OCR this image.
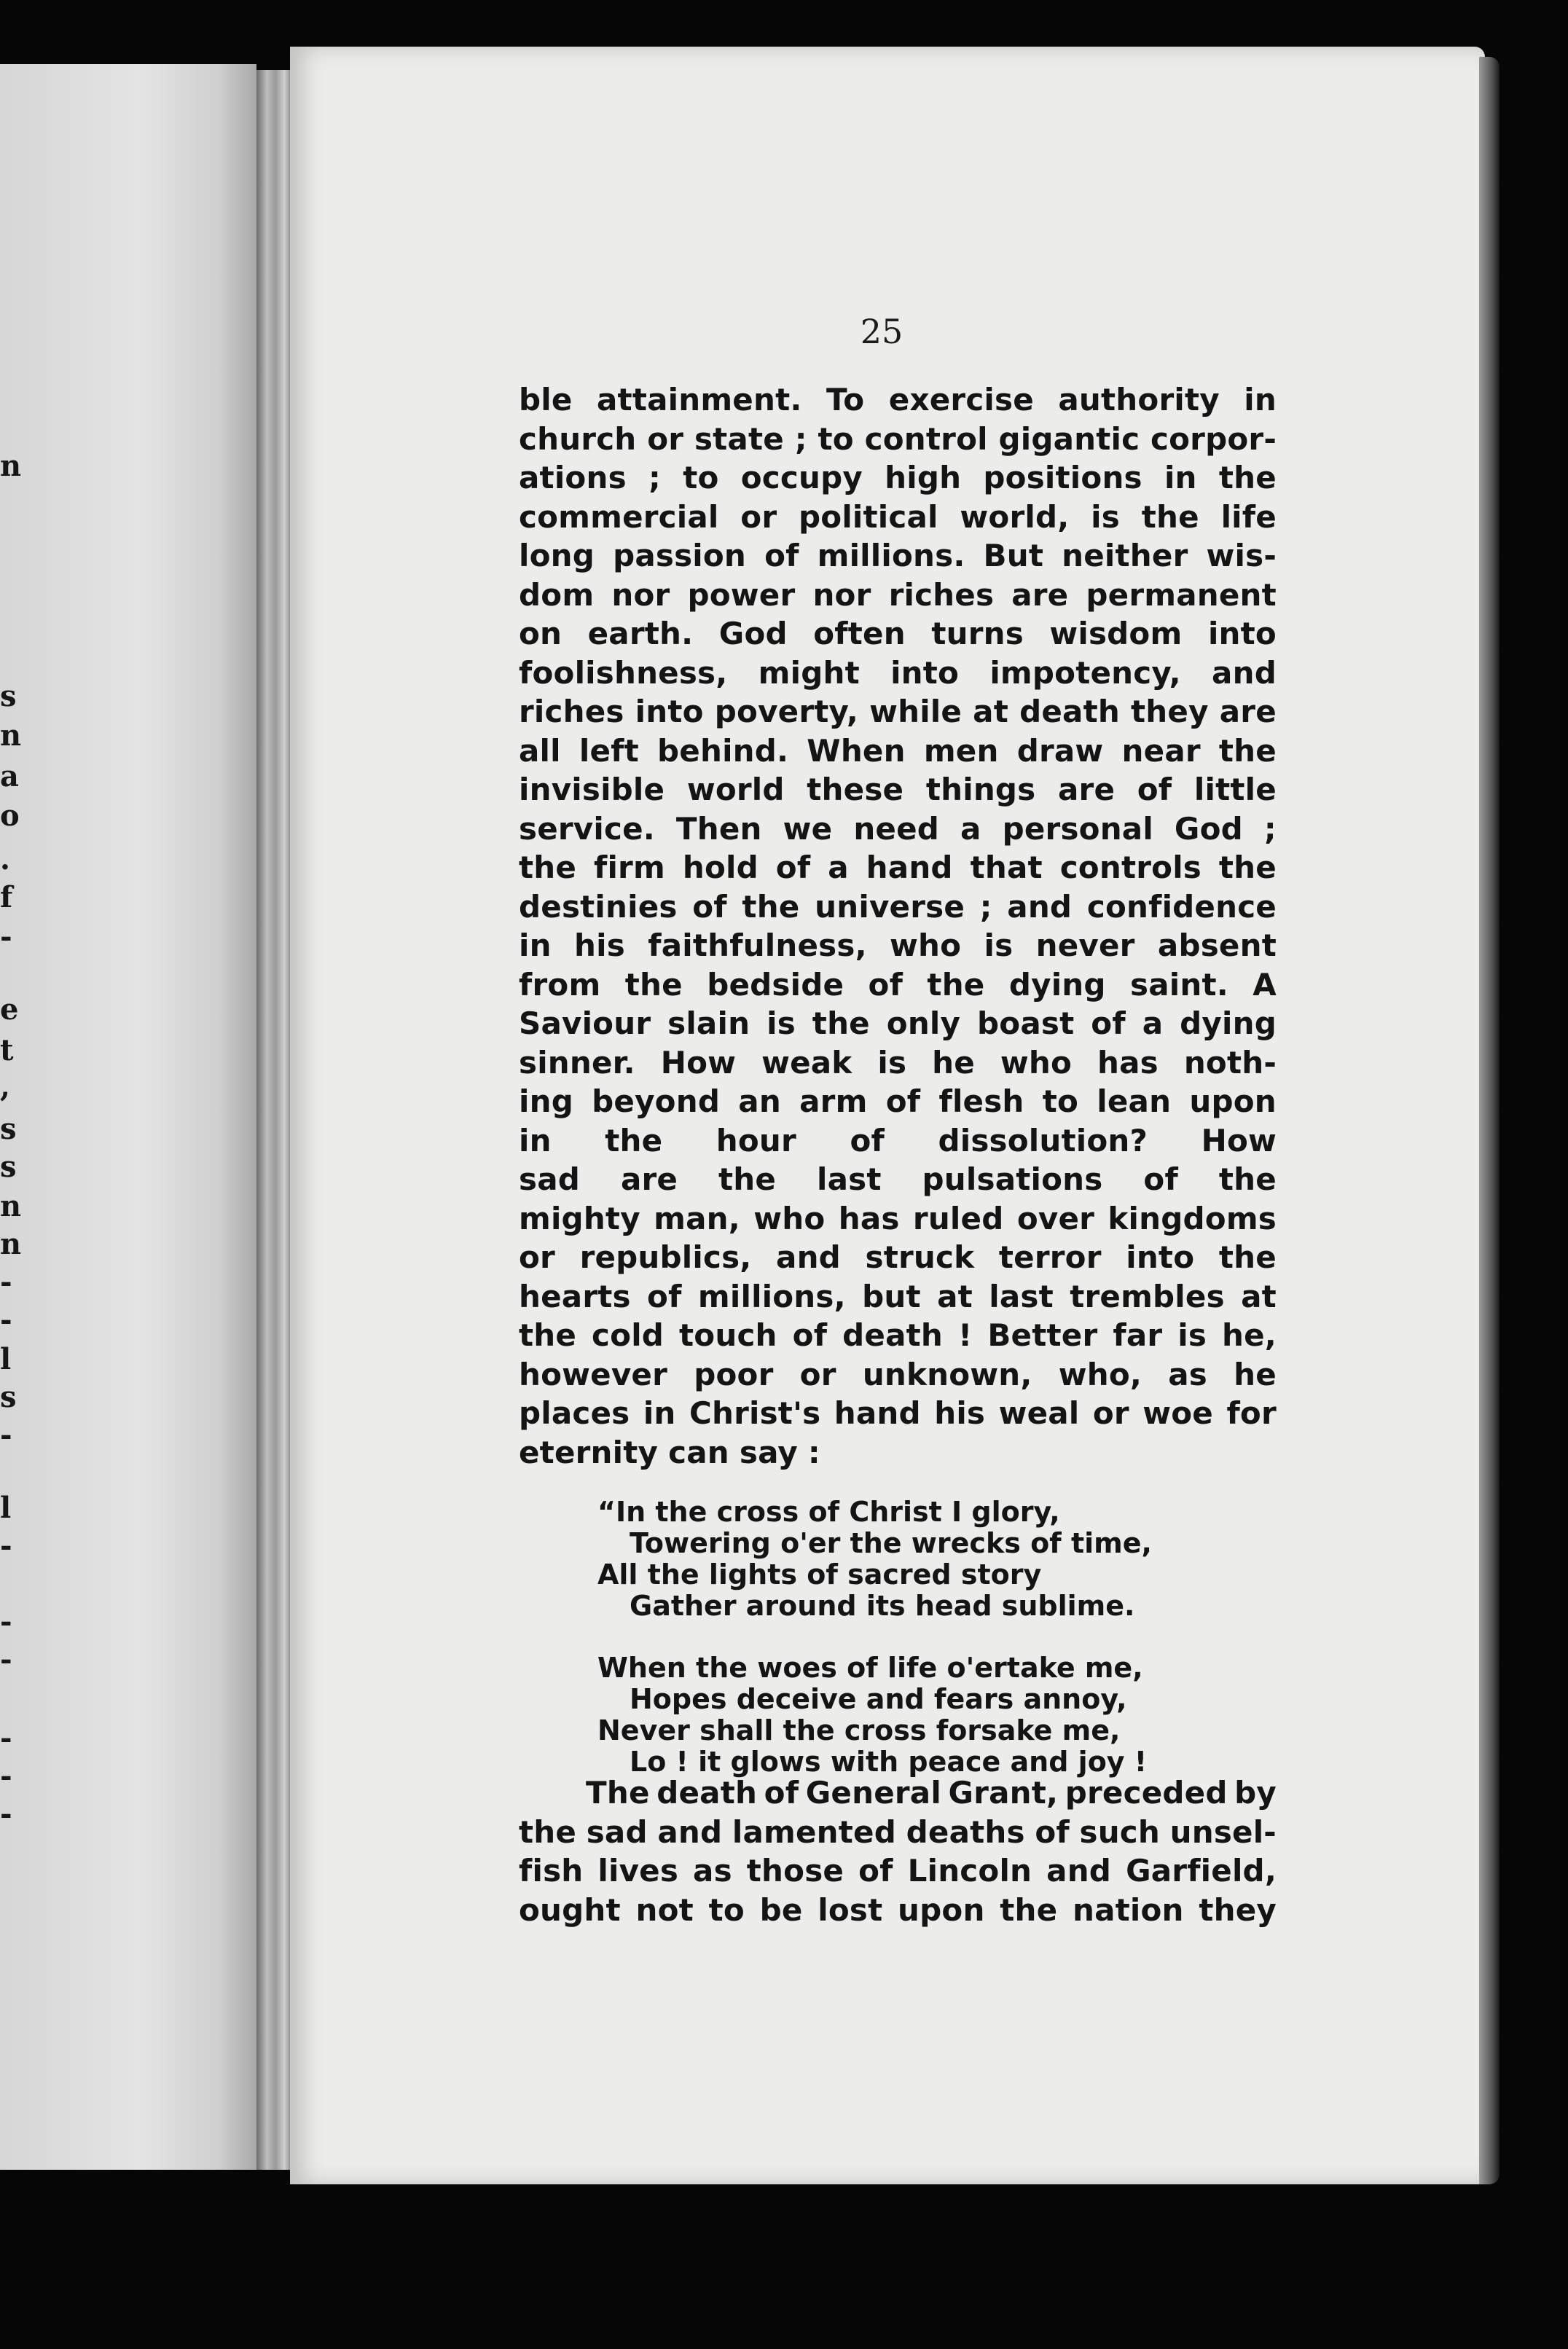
n
s
n
a
o
.
f
-
e
t
,
s
s
n
n
-
-
l
s
-
l
-
-
-
-
-
-
25
ble attainment. To exercise authority in
church or state ; to control gigantic corpor-
ations ; to occupy high positions in the
commercial or political world, is the life
long passion of millions. But neither wis-
dom nor power nor riches are permanent
on earth. God often turns wisdom into
foolishness, might into impotency, and
riches into poverty, while at death they are
all left behind. When men draw near the
invisible world these things are of little
service. Then we need a personal God ;
the firm hold of a hand that controls the
destinies of the universe ; and confidence
in his faithfulness, who is never absent
from the bedside of the dying saint. A
Saviour slain is the only boast of a dying
sinner. How weak is he who has noth-
ing beyond an arm of flesh to lean upon
in the hour of dissolution? How
sad are the last pulsations of the
mighty man, who has ruled over kingdoms
or republics, and struck terror into the
hearts of millions, but at last trembles at
the cold touch of death ! Better far is he,
however poor or unknown, who, as he
places in Christ's hand his weal or woe for
eternity can say :
“In the cross of Christ I glory,
Towering o'er the wrecks of time,
All the lights of sacred story
Gather around its head sublime.
When the woes of life o'ertake me,
Hopes deceive and fears annoy,
Never shall the cross forsake me,
Lo ! it glows with peace and joy !
The death of General Grant, preceded by
the sad and lamented deaths of such unsel-
fish lives as those of Lincoln and Garfield,
ought not to be lost upon the nation they
